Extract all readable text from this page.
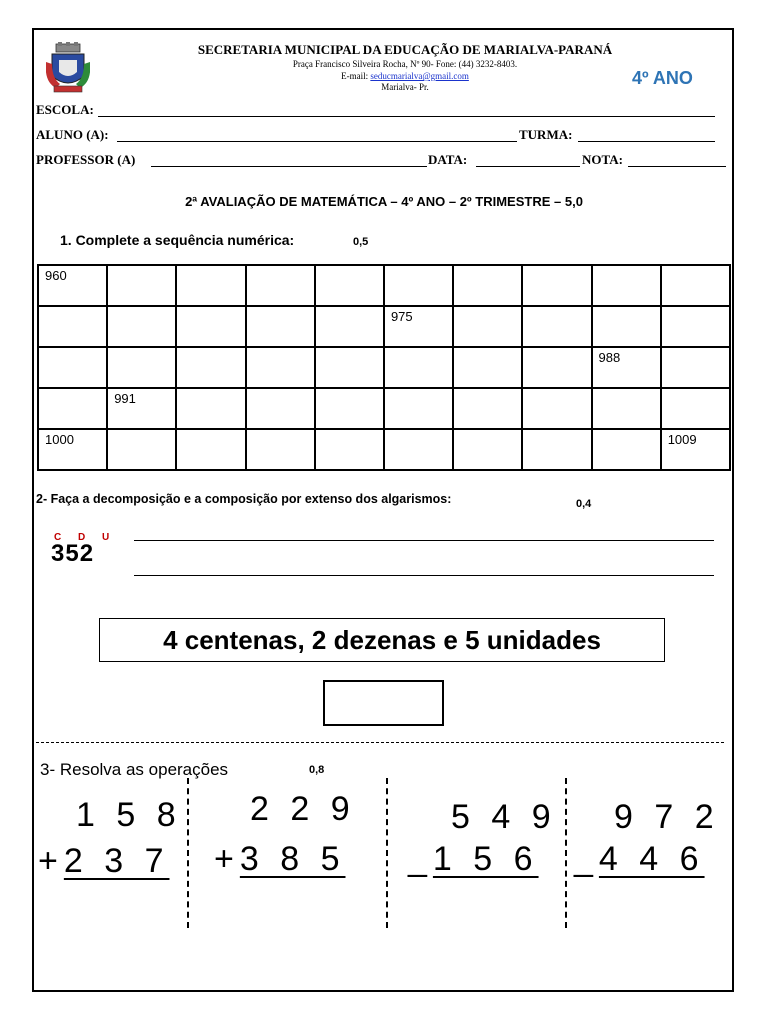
SECRETARIA MUNICIPAL DA EDUCAÇÃO DE MARIALVA-PARANÁ
Praça Francisco Silveira Rocha, Nº 90- Fone: (44) 3232-8403.
E-mail: seducmarialva@gmail.com
Marialva- Pr.	4º ANO
ESCOLA:
ALUNO (A):	TURMA:
PROFESSOR (A)	DATA:	NOTA:
2ª AVALIAÇÃO DE MATEMÁTICA – 4º ANO – 2º TRIMESTRE – 5,0
1. Complete a sequência numérica:	0,5
960									
					975				
								988	
	991								
1000									1009
2- Faça a decomposição e a composição por extenso dos algarismos:	0,4
C D U
352
4 centenas, 2 dezenas e 5 unidades
3- Resolva as operações	0,8
1 5 8
+2 3 7
2 2 9
+3 8 5
5 4 9
_1 5 6
9 7 2
_4 4 6
